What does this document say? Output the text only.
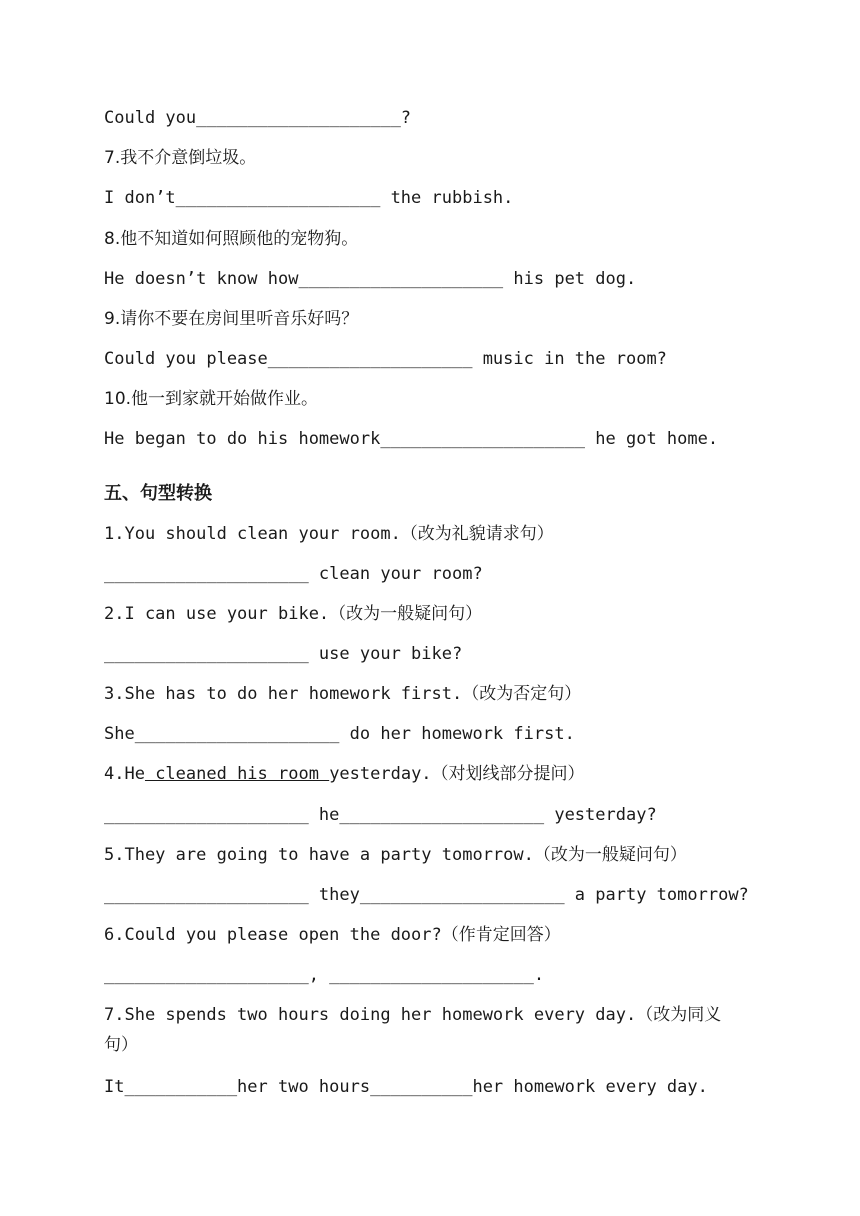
Could you____________________?
7.我不介意倒垃圾。
I don’t____________________ the rubbish.
8.他不知道如何照顾他的宠物狗。
He doesn’t know how____________________ his pet dog.
9.请你不要在房间里听音乐好吗？
Could you please____________________ music in the room?
10.他一到家就开始做作业。
He began to do his homework____________________ he got home.
五、句型转换
1.You should clean your room.（改为礼貌请求句）
____________________ clean your room?
2.I can use your bike.（改为一般疑问句）
____________________ use your bike?
3.She has to do her homework first.（改为否定句）
She____________________ do her homework first.
4.He cleaned his room yesterday.（对划线部分提问）
____________________ he____________________ yesterday?
5.They are going to have a party tomorrow.（改为一般疑问句）
____________________ they____________________ a party tomorrow?
6.Could you please open the door?（作肯定回答）
____________________, ____________________.
7.She spends two hours doing her homework every day.（改为同义
句）
It___________her two hours__________her homework every day.
